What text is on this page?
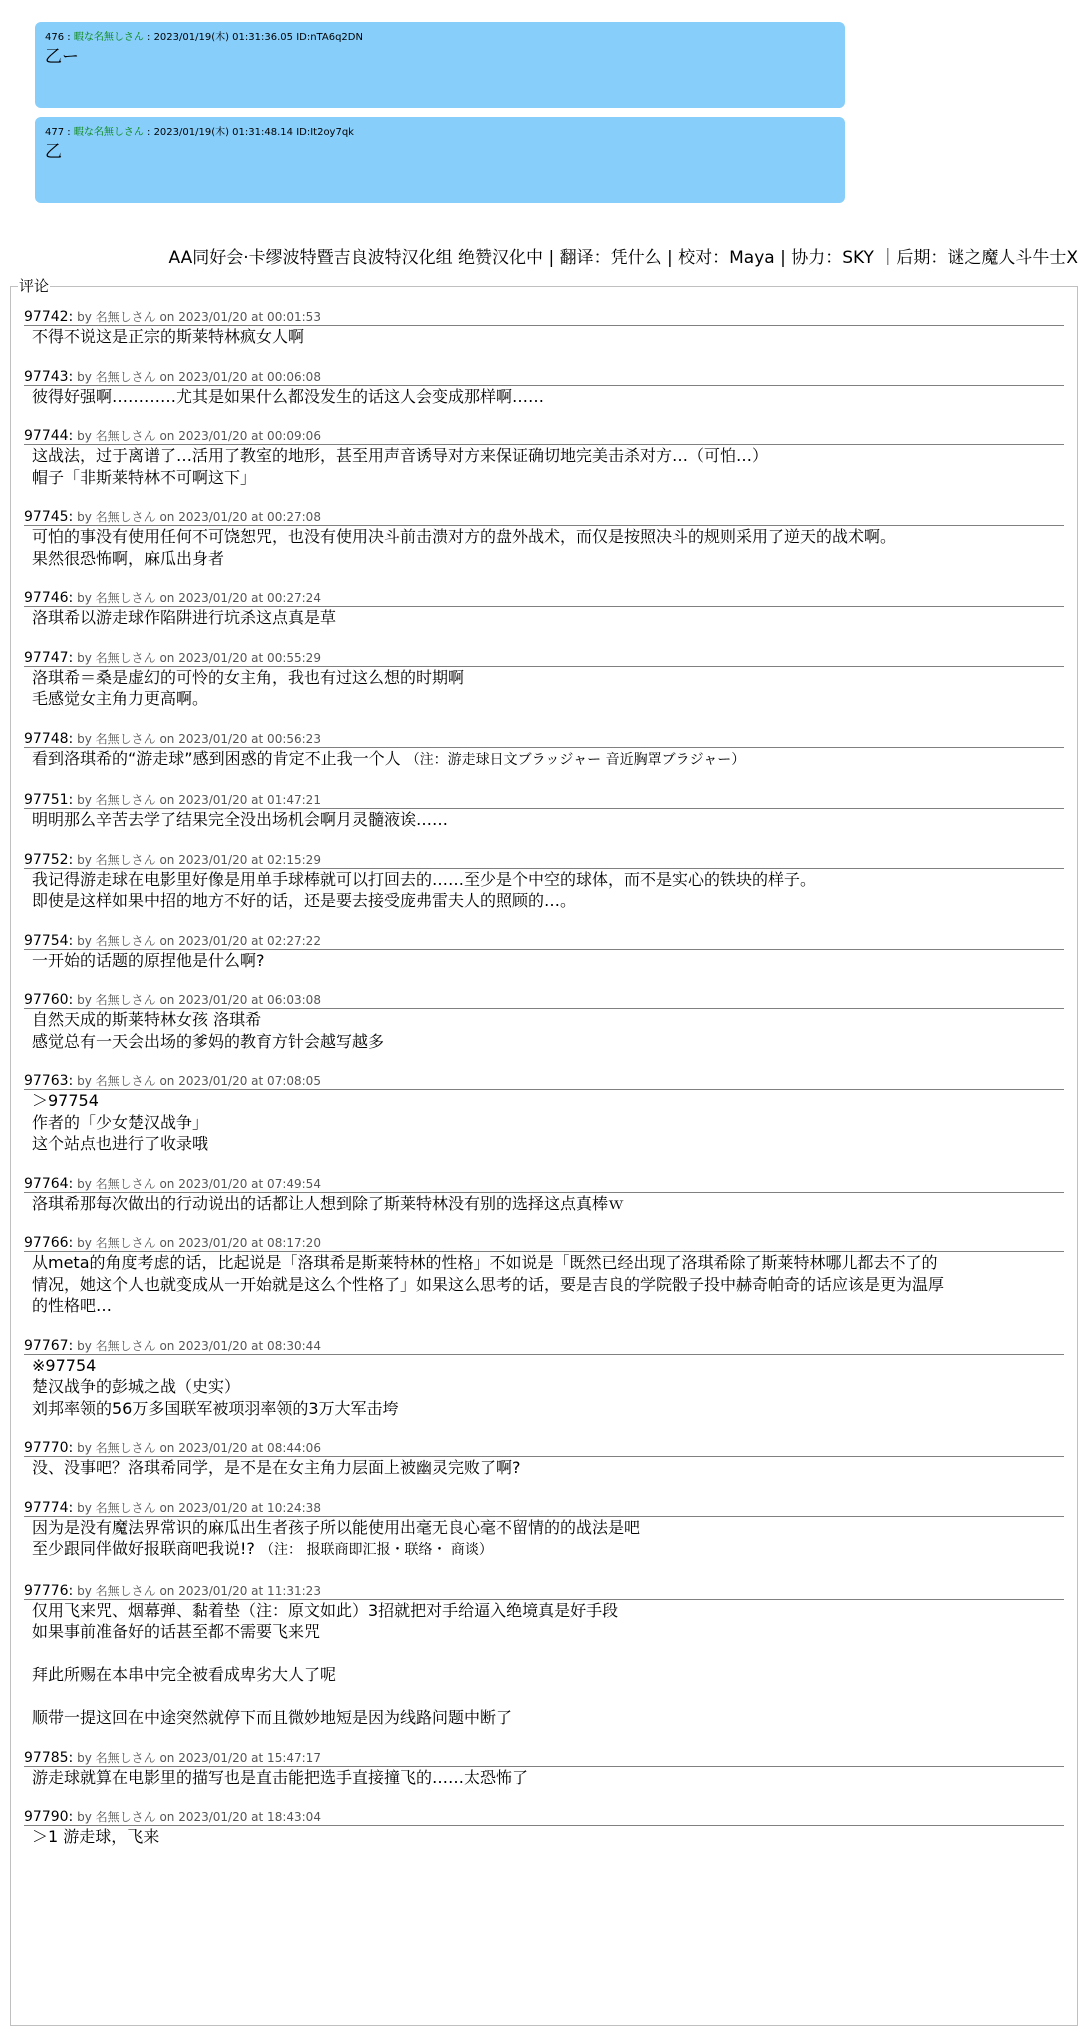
476 : 暇な名無しさん : 2023/01/19(木) 01:31:36.05 ID:nTA6q2DN
乙ー
477 : 暇な名無しさん : 2023/01/19(木) 01:31:48.14 ID:It2oy7qk
乙
AA同好会·卡缪波特暨吉良波特汉化组 绝赞汉化中 | 翻译：凭什么 | 校对：Maya | 协力：SKY ｜后期：谜之魔人斗牛士X
评论
97742: by 名無しさん on 2023/01/20 at 00:01:53
不得不说这是正宗的斯莱特林疯女人啊
97743: by 名無しさん on 2023/01/20 at 00:06:08
彼得好强啊…………尤其是如果什么都没发生的话这人会变成那样啊……
97744: by 名無しさん on 2023/01/20 at 00:09:06
这战法，过于离谱了…活用了教室的地形，甚至用声音诱导对方来保证确切地完美击杀对方…（可怕…）
帽子「非斯莱特林不可啊这下」
97745: by 名無しさん on 2023/01/20 at 00:27:08
可怕的事没有使用任何不可饶恕咒，也没有使用决斗前击溃对方的盘外战术，而仅是按照决斗的规则采用了逆天的战术啊。
果然很恐怖啊，麻瓜出身者
97746: by 名無しさん on 2023/01/20 at 00:27:24
洛琪希以游走球作陷阱进行坑杀这点真是草
97747: by 名無しさん on 2023/01/20 at 00:55:29
洛琪希＝桑是虚幻的可怜的女主角，我也有过这么想的时期啊
毛感觉女主角力更高啊。
97748: by 名無しさん on 2023/01/20 at 00:56:23
看到洛琪希的“游走球”感到困惑的肯定不止我一个人 （注：游走球日文ブラッジャー 音近胸罩ブラジャー）
97751: by 名無しさん on 2023/01/20 at 01:47:21
明明那么辛苦去学了结果完全没出场机会啊月灵髓液诶……
97752: by 名無しさん on 2023/01/20 at 02:15:29
我记得游走球在电影里好像是用单手球棒就可以打回去的……至少是个中空的球体，而不是实心的铁块的样子。
即使是这样如果中招的地方不好的话，还是要去接受庞弗雷夫人的照顾的…。
97754: by 名無しさん on 2023/01/20 at 02:27:22
一开始的话题的原捏他是什么啊?
97760: by 名無しさん on 2023/01/20 at 06:03:08
自然天成的斯莱特林女孩 洛琪希
感觉总有一天会出场的爹妈的教育方针会越写越多
97763: by 名無しさん on 2023/01/20 at 07:08:05
＞97754
作者的「少女楚汉战争」
这个站点也进行了收录哦
97764: by 名無しさん on 2023/01/20 at 07:49:54
洛琪希那每次做出的行动说出的话都让人想到除了斯莱特林没有别的选择这点真棒ｗ
97766: by 名無しさん on 2023/01/20 at 08:17:20
从meta的角度考虑的话，比起说是「洛琪希是斯莱特林的性格」不如说是「既然已经出现了洛琪希除了斯莱特林哪儿都去不了的
情况，她这个人也就变成从一开始就是这么个性格了」如果这么思考的话，要是吉良的学院骰子投中赫奇帕奇的话应该是更为温厚
的性格吧…
97767: by 名無しさん on 2023/01/20 at 08:30:44
※97754
楚汉战争的彭城之战（史实）
刘邦率领的56万多国联军被项羽率领的3万大军击垮
97770: by 名無しさん on 2023/01/20 at 08:44:06
没、没事吧？洛琪希同学，是不是在女主角力层面上被幽灵完败了啊?
97774: by 名無しさん on 2023/01/20 at 10:24:38
因为是没有魔法界常识的麻瓜出生者孩子所以能使用出毫无良心毫不留情的的战法是吧
至少跟同伴做好报联商吧我说!? （注： 报联商即汇报・联络・ 商谈）
97776: by 名無しさん on 2023/01/20 at 11:31:23
仅用飞来咒、烟幕弹、黏着垫（注：原文如此）3招就把对手给逼入绝境真是好手段
如果事前准备好的话甚至都不需要飞来咒

拜此所赐在本串中完全被看成卑劣大人了呢

顺带一提这回在中途突然就停下而且微妙地短是因为线路问题中断了
97785: by 名無しさん on 2023/01/20 at 15:47:17
游走球就算在电影里的描写也是直击能把选手直接撞飞的……太恐怖了
97790: by 名無しさん on 2023/01/20 at 18:43:04
＞1 游走球，飞来
